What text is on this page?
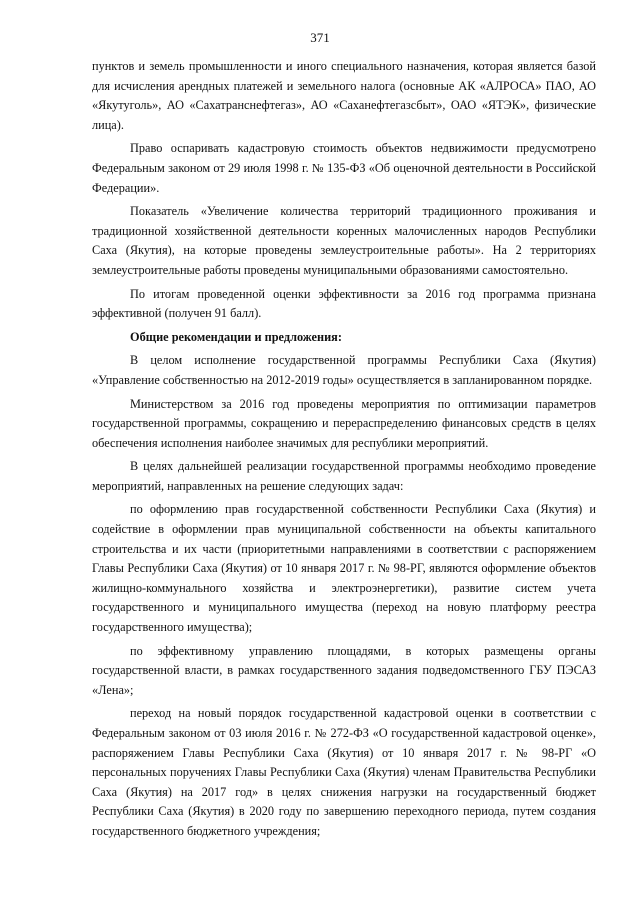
371

пунктов и земель промышленности и иного специального назначения, которая является базой для исчисления арендных платежей и земельного налога (основные АК «АЛРОСА» ПАО, АО «Якутуголь», АО «Сахатранснефтегаз», АО «Саханефтегазсбыт», ОАО «ЯТЭК», физические лица).

Право оспаривать кадастровую стоимость объектов недвижимости предусмотрено Федеральным законом от 29 июля 1998 г. № 135-ФЗ «Об оценочной деятельности в Российской Федерации».

Показатель «Увеличение количества территорий традиционного проживания и традиционной хозяйственной деятельности коренных малочисленных народов Республики Саха (Якутия), на которые проведены землеустроительные работы». На 2 территориях землеустроительные работы проведены муниципальными образованиями самостоятельно.

По итогам проведенной оценки эффективности за 2016 год программа признана эффективной (получен 91 балл).

Общие рекомендации и предложения:

В целом исполнение государственной программы Республики Саха (Якутия) «Управление собственностью на 2012-2019 годы» осуществляется в запланированном порядке.

Министерством за 2016 год проведены мероприятия по оптимизации параметров государственной программы, сокращению и перераспределению финансовых средств в целях обеспечения исполнения наиболее значимых для республики мероприятий.

В целях дальнейшей реализации государственной программы необходимо проведение мероприятий, направленных на решение следующих задач:

по оформлению прав государственной собственности Республики Саха (Якутия) и содействие в оформлении прав муниципальной собственности на объекты капитального строительства и их части (приоритетными направлениями в соответствии с распоряжением Главы Республики Саха (Якутия) от 10 января 2017 г. № 98-РГ, являются оформление объектов жилищно-коммунального хозяйства и электроэнергетики), развитие систем учета государственного и муниципального имущества (переход на новую платформу реестра государственного имущества);

по эффективному управлению площадями, в которых размещены органы государственной власти, в рамках государственного задания подведомственного ГБУ ПЭСАЗ «Лена»;

переход на новый порядок государственной кадастровой оценки в соответствии с Федеральным законом от 03 июля 2016 г. № 272-ФЗ «О государственной кадастровой оценке», распоряжением Главы Республики Саха (Якутия) от 10 января 2017 г. № 98-РГ «О персональных поручениях Главы Республики Саха (Якутия) членам Правительства Республики Саха (Якутия) на 2017 год» в целях снижения нагрузки на государственный бюджет Республики Саха (Якутия) в 2020 году по завершению переходного периода, путем создания государственного бюджетного учреждения;
